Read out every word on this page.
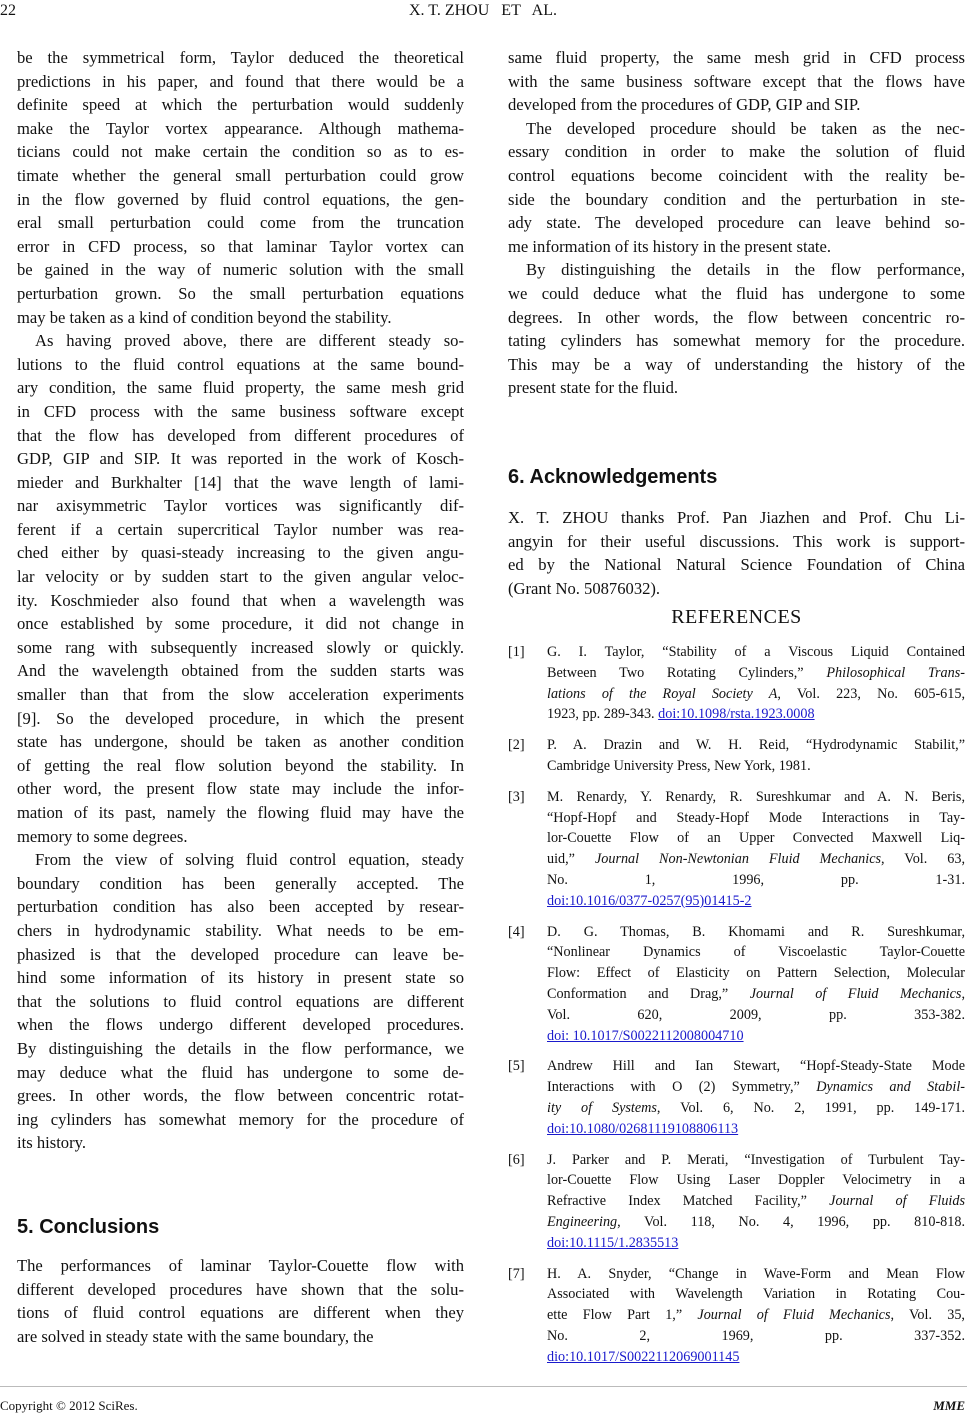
22	X. T. ZHOU   ET   AL.
be the symmetrical form, Taylor deduced the theoretical
predictions in his paper, and found that there would be a
definite speed at which the perturbation would suddenly
make the Taylor vortex appearance. Although mathema-
ticians could not make certain the condition so as to es-
timate whether the general small perturbation could grow
in the flow governed by fluid control equations, the gen-
eral small perturbation could come from the truncation
error in CFD process, so that laminar Taylor vortex can
be gained in the way of numeric solution with the small
perturbation grown. So the small perturbation equations
may be taken as a kind of condition beyond the stability.
As having proved above, there are different steady so-
lutions to the fluid control equations at the same bound-
ary condition, the same fluid property, the same mesh grid
in CFD process with the same business software except
that the flow has developed from different procedures of
GDP, GIP and SIP. It was reported in the work of Kosch-
mieder and Burkhalter [14] that the wave length of lami-
nar axisymmetric Taylor vortices was significantly dif-
ferent if a certain supercritical Taylor number was rea-
ched either by quasi-steady increasing to the given angu-
lar velocity or by sudden start to the given angular veloc-
ity. Koschmieder also found that when a wavelength was
once established by some procedure, it did not change in
some rang with subsequently increased slowly or quickly.
And the wavelength obtained from the sudden starts was
smaller than that from the slow acceleration experiments
[9]. So the developed procedure, in which the present
state has undergone, should be taken as another condition
of getting the real flow solution beyond the stability. In
other word, the present flow state may include the infor-
mation of its past, namely the flowing fluid may have the
memory to some degrees.
From the view of solving fluid control equation, steady
boundary condition has been generally accepted. The
perturbation condition has also been accepted by resear-
chers in hydrodynamic stability. What needs to be em-
phasized is that the developed procedure can leave be-
hind some information of its history in present state so
that the solutions to fluid control equations are different
when the flows undergo different developed procedures.
By distinguishing the details in the flow performance, we
may deduce what the fluid has undergone to some de-
grees. In other words, the flow between concentric rotat-
ing cylinders has somewhat memory for the procedure of
its history.
5. Conclusions
The performances of laminar Taylor-Couette flow with
different developed procedures have shown that the solu-
tions of fluid control equations are different when they
are solved in steady state with the same boundary, the
same fluid property, the same mesh grid in CFD process
with the same business software except that the flows have
developed from the procedures of GDP, GIP and SIP.
The developed procedure should be taken as the nec-
essary condition in order to make the solution of fluid
control equations become coincident with the reality be-
side the boundary condition and the perturbation in ste-
ady state. The developed procedure can leave behind so-
me information of its history in the present state.
By distinguishing the details in the flow performance,
we could deduce what the fluid has undergone to some
degrees. In other words, the flow between concentric ro-
tating cylinders has somewhat memory for the procedure.
This may be a way of understanding the history of the
present state for the fluid.
6. Acknowledgements
X. T. ZHOU thanks Prof. Pan Jiazhen and Prof. Chu Li-
angyin for their useful discussions. This work is support-
ed by the National Natural Science Foundation of China
(Grant No. 50876032).
REFERENCES
[1] G. I. Taylor, “Stability of a Viscous Liquid Contained
Between Two Rotating Cylinders,” Philosophical Trans-
lations of the Royal Society A, Vol. 223, No. 605-615,
1923, pp. 289-343. doi:10.1098/rsta.1923.0008
[2] P. A. Drazin and W. H. Reid, “Hydrodynamic Stabilit,”
Cambridge University Press, New York, 1981.
[3] M. Renardy, Y. Renardy, R. Sureshkumar and A. N. Beris,
“Hopf-Hopf and Steady-Hopf Mode Interactions in Tay-
lor-Couette Flow of an Upper Convected Maxwell Liq-
uid,” Journal Non-Newtonian Fluid Mechanics, Vol. 63,
No. 1, 1996, pp. 1-31.
doi:10.1016/0377-0257(95)01415-2
[4] D. G. Thomas, B. Khomami and R. Sureshkumar,
“Nonlinear Dynamics of Viscoelastic Taylor-Couette
Flow: Effect of Elasticity on Pattern Selection, Molecular
Conformation and Drag,” Journal of Fluid Mechanics,
Vol. 620, 2009, pp. 353-382.
doi: 10.1017/S0022112008004710
[5] Andrew Hill and Ian Stewart, “Hopf-Steady-State Mode
Interactions with O (2) Symmetry,” Dynamics and Stabil-
ity of Systems, Vol. 6, No. 2, 1991, pp. 149-171.
doi:10.1080/02681119108806113
[6] J. Parker and P. Merati, “Investigation of Turbulent Tay-
lor-Couette Flow Using Laser Doppler Velocimetry in a
Refractive Index Matched Facility,” Journal of Fluids
Engineering, Vol. 118, No. 4, 1996, pp. 810-818.
doi:10.1115/1.2835513
[7] H. A. Snyder, “Change in Wave-Form and Mean Flow
Associated with Wavelength Variation in Rotating Cou-
ette Flow Part 1,” Journal of Fluid Mechanics, Vol. 35,
No. 2, 1969, pp. 337-352.
dio:10.1017/S0022112069001145
Copyright © 2012 SciRes.	MME
